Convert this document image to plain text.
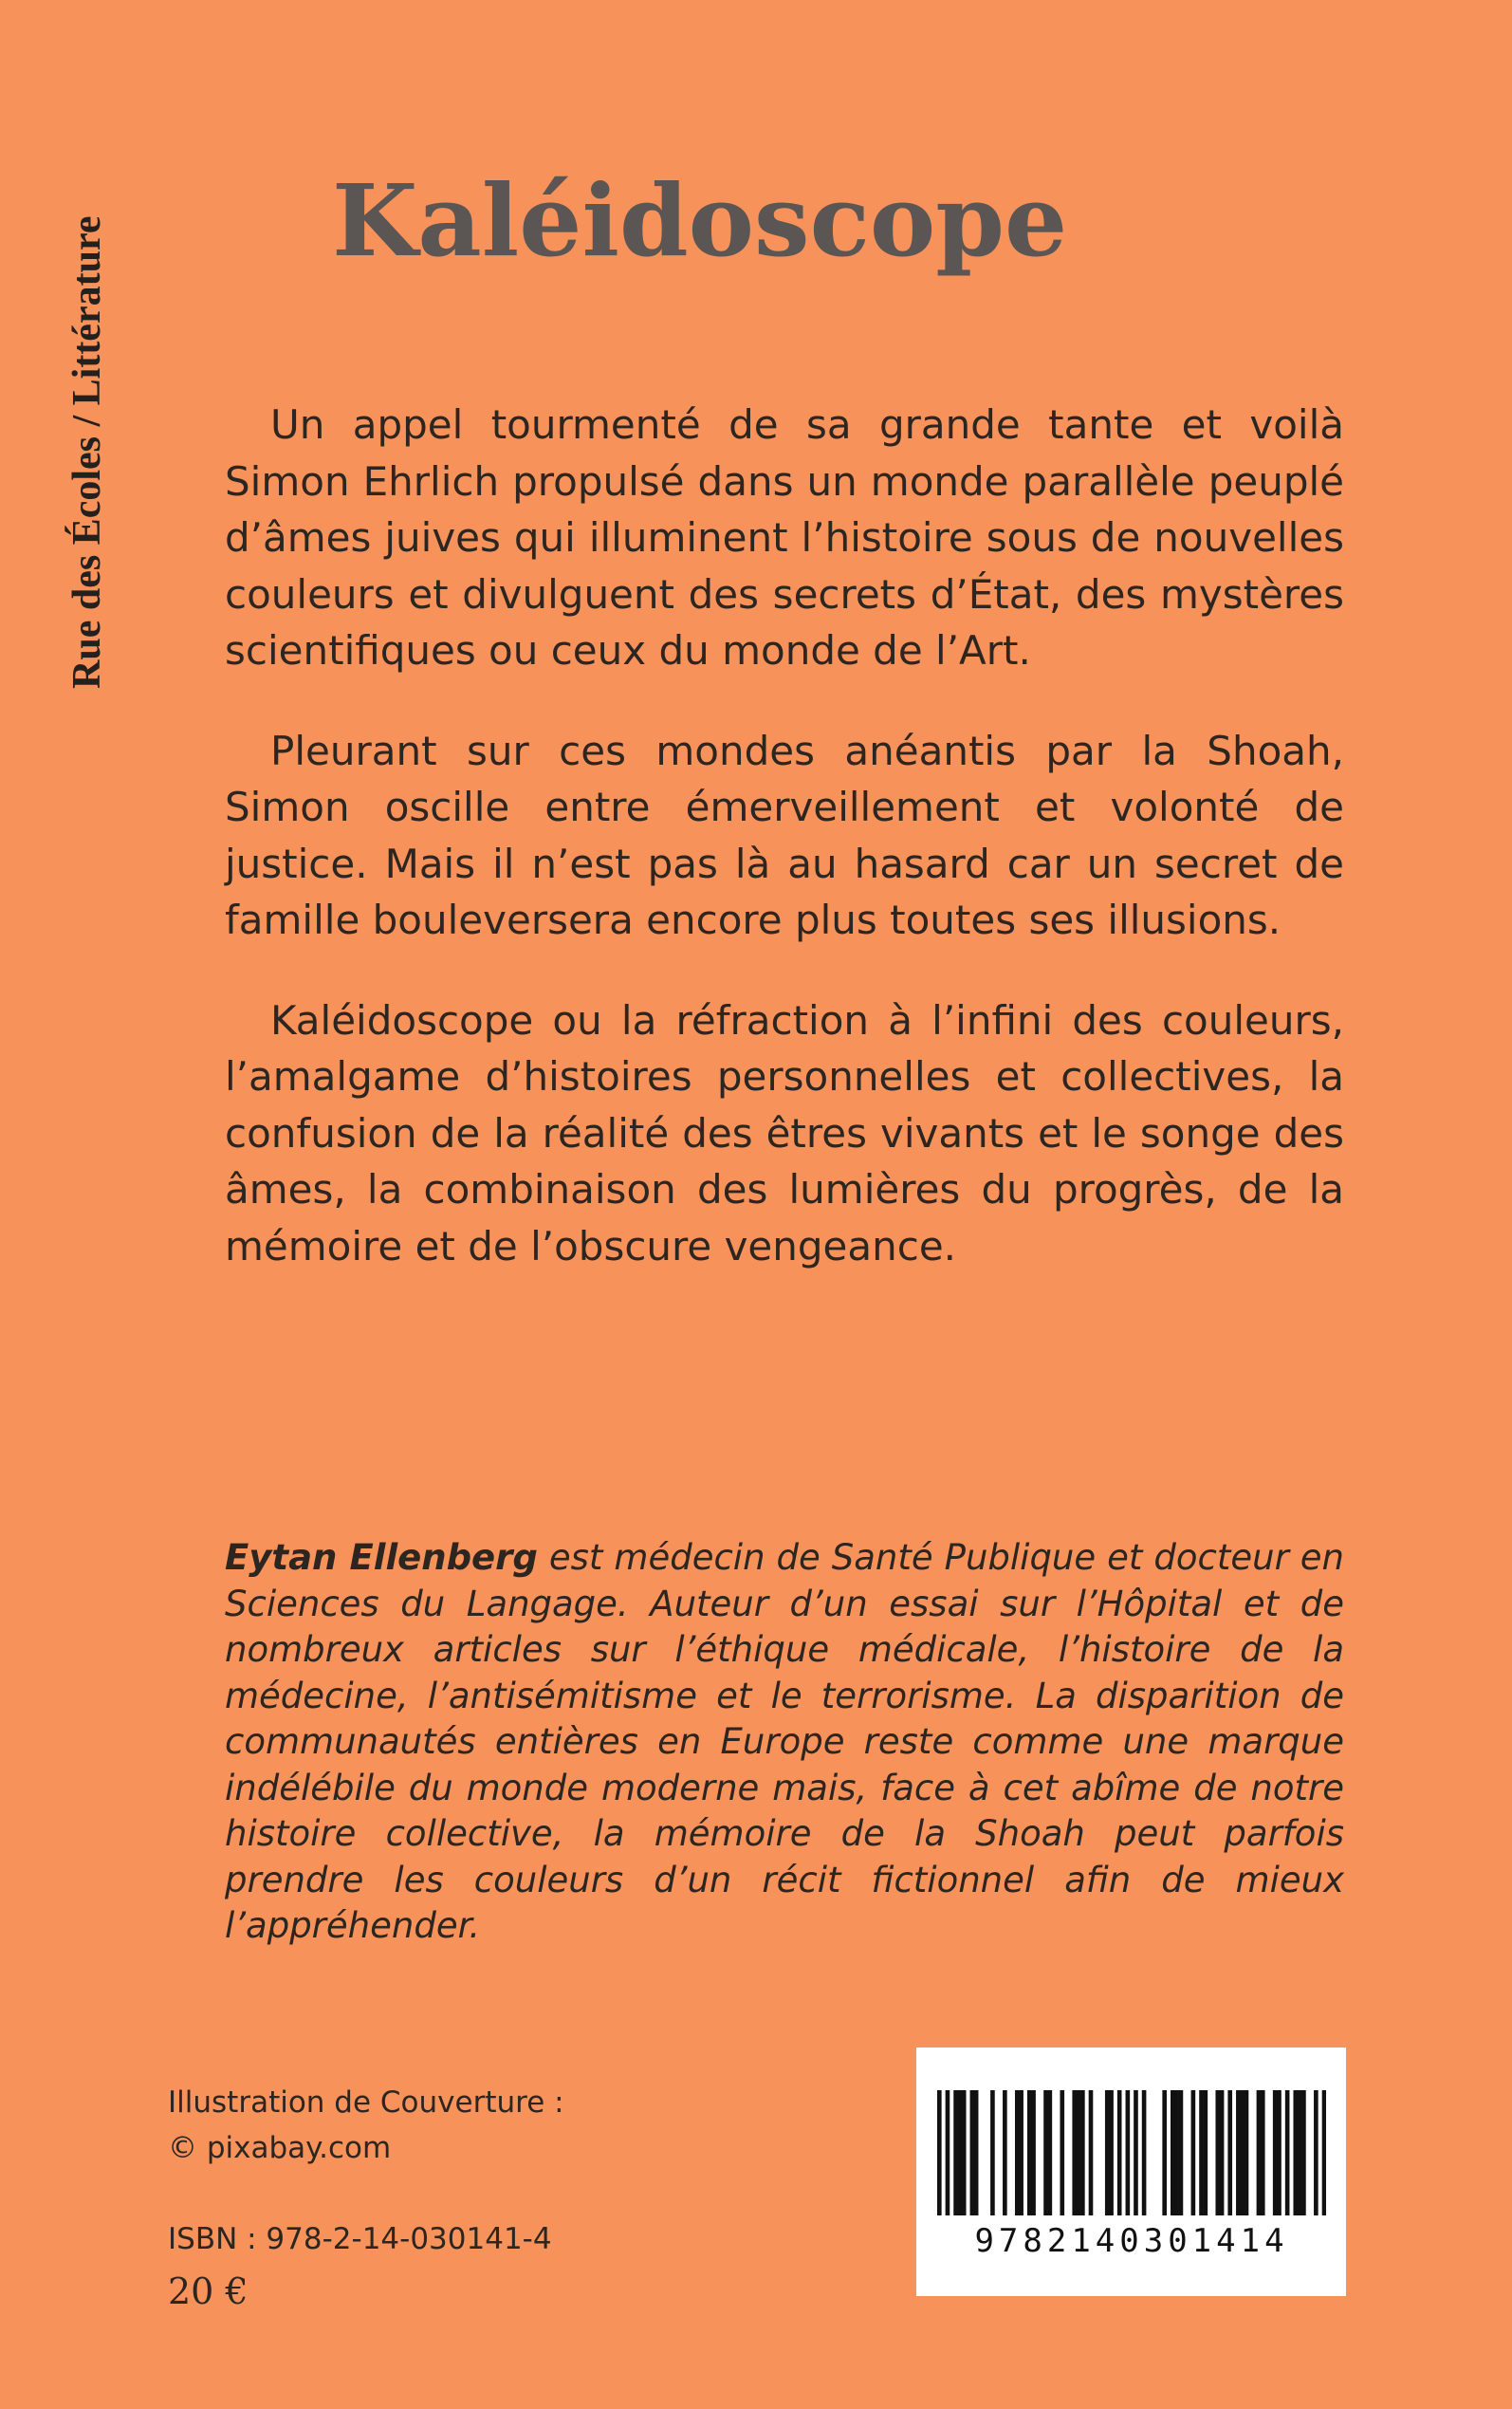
Rue des Écoles / Littérature Kaléidoscope

Un appel tourmenté de sa grande tante et voilà Simon Ehrlich propulsé dans un monde parallèle peuplé d’âmes juives qui illuminent l’histoire sous de nouvelles couleurs et divulguent des secrets d’État, des mystères scientifiques ou ceux du monde de l’Art.

Pleurant sur ces mondes anéantis par la Shoah, Simon oscille entre émerveillement et volonté de justice. Mais il n’est pas là au hasard car un secret de famille bouleversera encore plus toutes ses illusions.

Kaléidoscope ou la réfraction à l’infini des couleurs, l’amalgame d’histoires personnelles et collectives, la confusion de la réalité des êtres vivants et le songe des âmes, la combinaison des lumières du progrès, de la mémoire et de l’obscure vengeance.

Eytan Ellenberg est médecin de Santé Publique et docteur en Sciences du Langage. Auteur d’un essai sur l’Hôpital et de nombreux articles sur l’éthique médicale, l’histoire de la médecine, l’antisémitisme et le terrorisme. La disparition de communautés entières en Europe reste comme une marque indélébile du monde moderne mais, face à cet abîme de notre histoire collective, la mémoire de la Shoah peut parfois prendre les couleurs d’un récit fictionnel afin de mieux l’appréhender.

Illustration de Couverture :
© pixabay.com
ISBN : 978-2-14-030141-4
20 €
9782140301414
